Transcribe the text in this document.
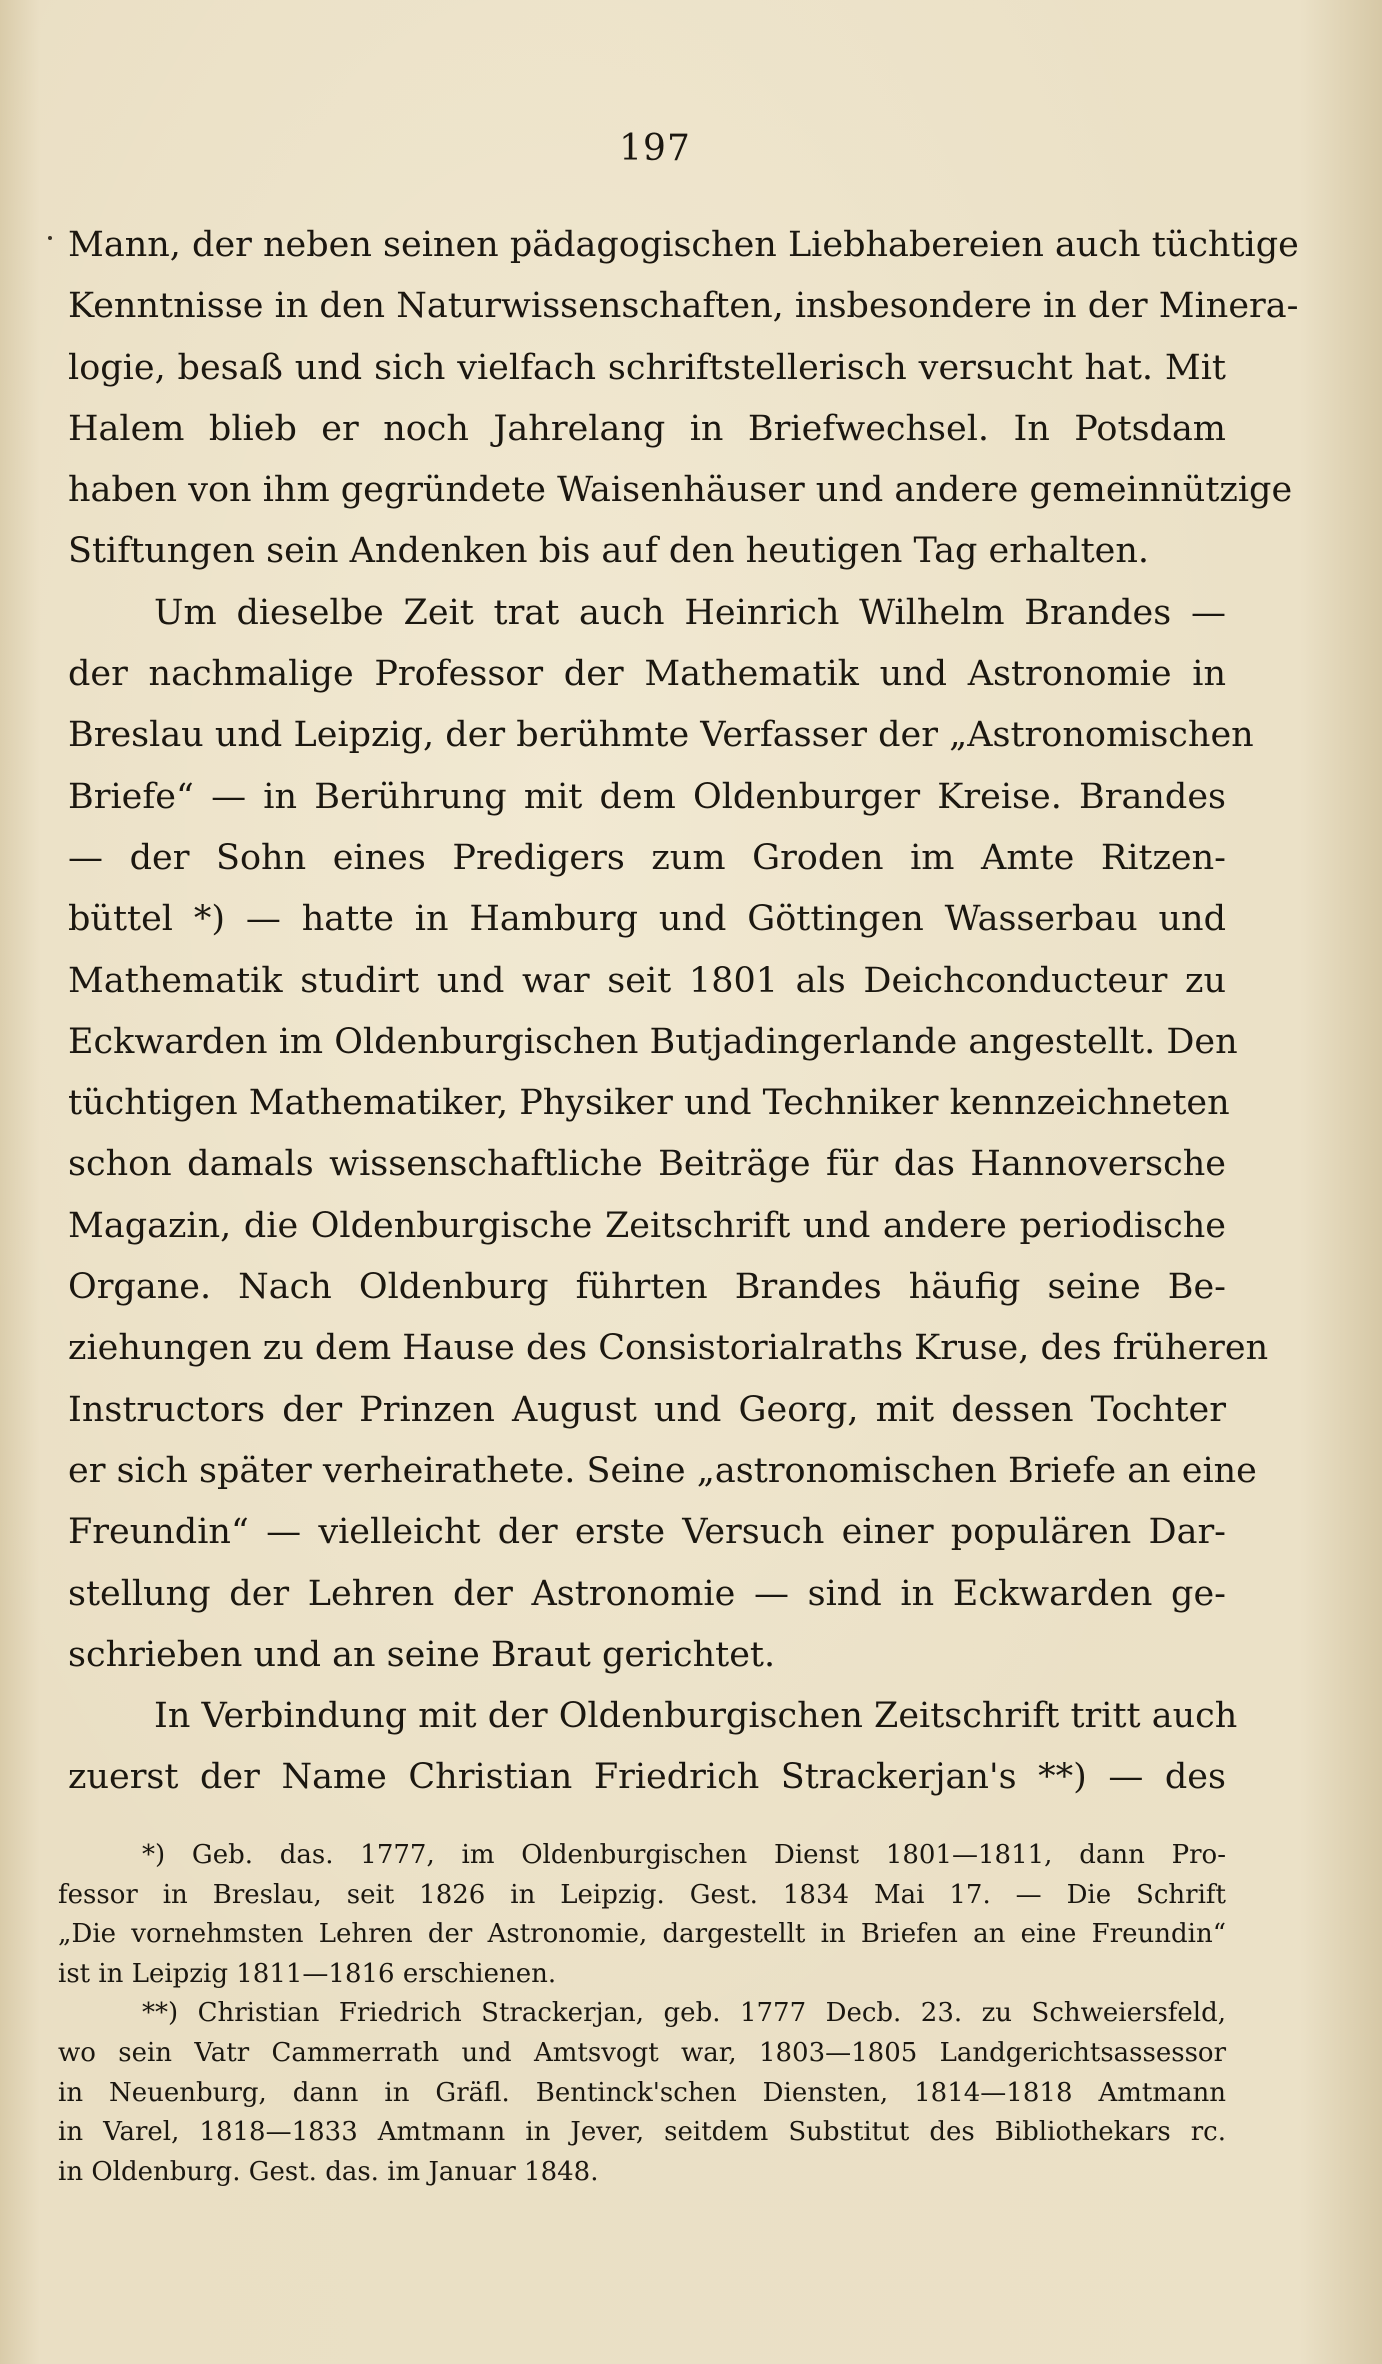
197
Mann, der neben seinen pädagogischen Liebhabereien auch tüchtige
Kenntnisse in den Naturwissenschaften, insbesondere in der Minera-
logie, besaß und sich vielfach schriftstellerisch versucht hat. Mit
Halem blieb er noch Jahrelang in Briefwechsel. In Potsdam
haben von ihm gegründete Waisenhäuser und andere gemeinnützige
Stiftungen sein Andenken bis auf den heutigen Tag erhalten.
Um dieselbe Zeit trat auch Heinrich Wilhelm Brandes —
der nachmalige Professor der Mathematik und Astronomie in
Breslau und Leipzig, der berühmte Verfasser der „Astronomischen
Briefe“ — in Berührung mit dem Oldenburger Kreise. Brandes
— der Sohn eines Predigers zum Groden im Amte Ritzen-
büttel *) — hatte in Hamburg und Göttingen Wasserbau und
Mathematik studirt und war seit 1801 als Deichconducteur zu
Eckwarden im Oldenburgischen Butjadingerlande angestellt. Den
tüchtigen Mathematiker, Physiker und Techniker kennzeichneten
schon damals wissenschaftliche Beiträge für das Hannoversche
Magazin, die Oldenburgische Zeitschrift und andere periodische
Organe. Nach Oldenburg führten Brandes häufig seine Be-
ziehungen zu dem Hause des Consistorialraths Kruse, des früheren
Instructors der Prinzen August und Georg, mit dessen Tochter
er sich später verheirathete. Seine „astronomischen Briefe an eine
Freundin“ — vielleicht der erste Versuch einer populären Dar-
stellung der Lehren der Astronomie — sind in Eckwarden ge-
schrieben und an seine Braut gerichtet.
In Verbindung mit der Oldenburgischen Zeitschrift tritt auch
zuerst der Name Christian Friedrich Strackerjan's **) — des
*) Geb. das. 1777, im Oldenburgischen Dienst 1801—1811, dann Pro-
fessor in Breslau, seit 1826 in Leipzig. Gest. 1834 Mai 17. — Die Schrift
„Die vornehmsten Lehren der Astronomie, dargestellt in Briefen an eine Freundin“
ist in Leipzig 1811—1816 erschienen.
**) Christian Friedrich Strackerjan, geb. 1777 Decb. 23. zu Schweiersfeld,
wo sein Vatr Cammerrath und Amtsvogt war, 1803—1805 Landgerichtsassessor
in Neuenburg, dann in Gräfl. Bentinck'schen Diensten, 1814—1818 Amtmann
in Varel, 1818—1833 Amtmann in Jever, seitdem Substitut des Bibliothekars rc.
in Oldenburg. Gest. das. im Januar 1848.
